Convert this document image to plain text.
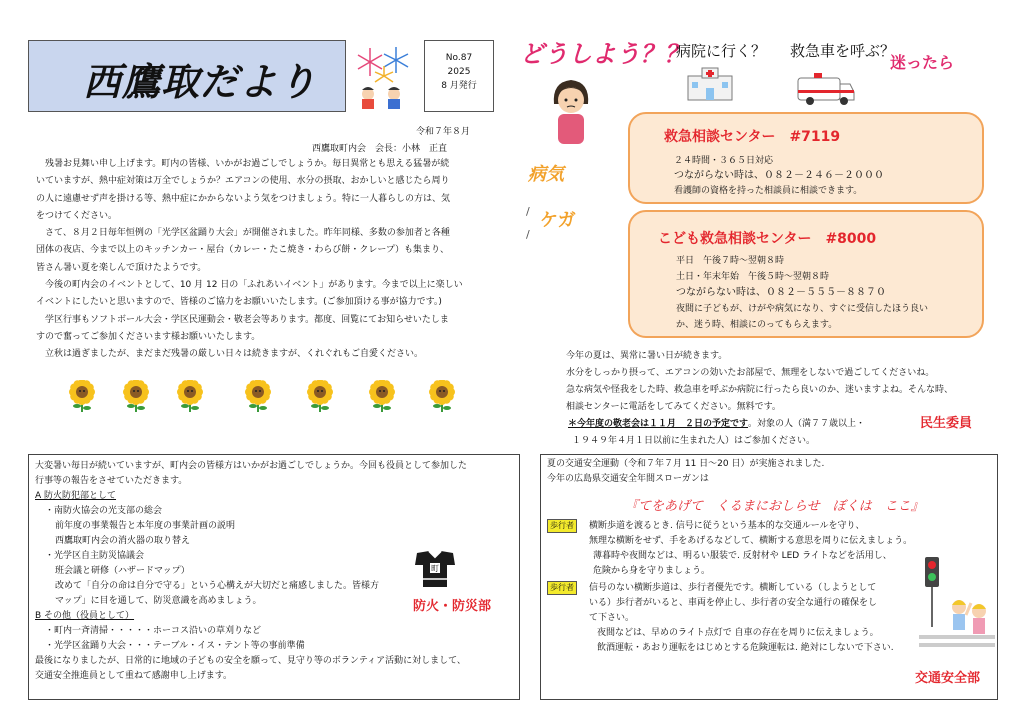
西鷹取だより
No.87
2025
8 月発行
令和７年８月
西鷹取町内会　会長：小林　正直
残暑お見舞い申し上げます。町内の皆様、いかがお過ごしでしょうか。毎日異常とも思える猛暑が続
いていますが、熱中症対策は万全でしょうか？エアコンの使用、水分の摂取、おかしいと感じたら周り
の人に遠慮せず声を掛ける等、熱中症にかからないよう気をつけましょう。特に一人暮らしの方は、気
をつけてください。
さて、８月２日毎年恒例の「光学区盆踊り大会」が開催されました。昨年同様、多数の参加者と各種
団体の夜店、今まで以上のキッチンカー・屋台（カレー・たこ焼き・わらび餅・クレープ）も集まり、
皆さん暑い夏を楽しんで頂けたようです。
今後の町内会のイベントとして、10 月 12 日の「ふれあいイベント」があります。今まで以上に楽しい
イベントにしたいと思いますので、皆様のご協力をお願いいたします。(ご参加頂ける事が協力です。)
学区行事もソフトボール大会・学区民運動会・敬老会等あります。都度、回覧にてお知らせいたしま
すので奮ってご参加くださいます様お願いいたします。
立秋は過ぎましたが、まだまだ残暑の厳しい日々は続きますが、くれぐれもご自愛ください。
どうしよう？？
病院に行く？ 救急車を呼ぶ？
迷ったら
病気
ケガ
/
/
救急相談センター　#7119
２４時間・３６５日対応
つながらない時は、０８２－２４６－２０００
看護師の資格を持った相談員に相談できます。
こども救急相談センター　#8000
平日　午後７時～翌朝８時
土日・年末年始　午後５時～翌朝８時
つながらない時は、０８２－５５５－８８７０
夜間に子どもが、けがや病気になり、すぐに受信したほう良い
か、迷う時、相談にのってもらえます。
今年の夏は、異常に暑い日が続きます。
水分をしっかり摂って、エアコンの効いたお部屋で、無理をしないで過ごしてくださいね。
急な病気や怪我をした時、救急車を呼ぶか病院に行ったら良いのか、迷いますよね。そんな時、
相談センターに電話をしてみてください。無料です。
＊今年度の敬老会は１１月　２日の予定です。対象の人（満７７歳以上・
１９４９年４月１日以前に生まれた人）はご参加ください。
民生委員
大変暑い毎日が続いていますが、町内会の皆様方はいかがお過ごしでしょうか。今回も役員として参加した
行事等の報告をさせていただきます。
A 防火防犯部として
・南防火協会の光支部の総会
前年度の事業報告と本年度の事業計画の説明
西鷹取町内会の消火器の取り替え
・光学区自主防災協議会
班会議と研修（ハザードマップ）
改めて「自分の命は自分で守る」という心構えが大切だと痛感しました。皆様方
マップ」に目を通して、防災意識を高めましょう。
B その他（役員として）
・町内一斉清掃・・・・・ホーコス沿いの草刈りなど
・光学区盆踊り大会・・・テーブル・イス・テント等の事前準備
最後になりましたが、日常的に地域の子どもの安全を願って、見守り等のボランティア活動に対しまして、
交通安全推進員として重ねて感謝申し上げます。
町
防火・防災部
夏の交通安全運動（令和７年７月 11 日～20 日）が実施されました.
今年の広島県交通安全年間スローガンは
『てをあげて　くるまにおしらせ　ぼくは　ここ』
歩行者	横断歩道を渡るとき. 信号に従うという基本的な交通ルールを守り、
無理な横断をせず、手をあげるなどして、横断する意思を周りに伝えましょう。
薄暮時や夜間などは、明るい服装で. 反射材や LED ライトなどを活用し、
危険から身を守りましょう。
歩行者	信号のない横断歩道は、歩行者優先です。横断している（しようとして
いる）歩行者がいると、車両を停止し、歩行者の安全な通行の確保をし
て下さい。
夜間などは、早めのライト点灯で 自車の存在を周りに伝えましょう。
飲酒運転・あおり運転をはじめとする危険運転は. 絶対にしないで下さい.
交通安全部
